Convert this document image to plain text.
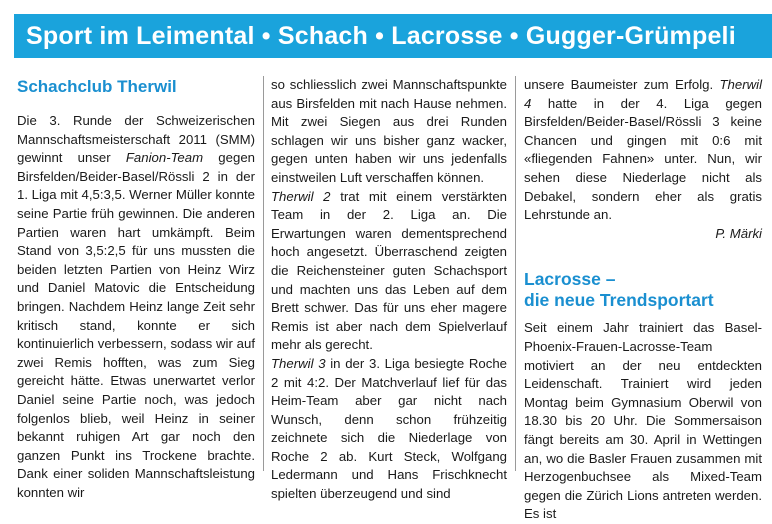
Sport im Leimental • Schach • Lacrosse • Gugger-Grümpeli
Schachclub Therwil

Die 3. Runde der Schweizerischen Mannschaftsmeisterschaft 2011 (SMM) gewinnt unser Fanion-Team gegen Birsfelden/Beider-Basel/Rössli 2 in der 1. Liga mit 4,5:3,5. Werner Müller konnte seine Partie früh gewinnen. Die anderen Partien waren hart umkämpft. Beim Stand von 3,5:2,5 für uns mussten die beiden letzten Partien von Heinz Wirz und Daniel Matovic die Entscheidung bringen. Nachdem Heinz lange Zeit sehr kritisch stand, konnte er sich kontinuierlich verbessern, sodass wir auf zwei Remis hofften, was zum Sieg gereicht hätte. Etwas unerwartet verlor Daniel seine Partie noch, was jedoch folgenlos blieb, weil Heinz in seiner bekannt ruhigen Art gar noch den ganzen Punkt ins Trockene brachte. Dank einer soliden Mannschaftsleistung konnten wir

so schliesslich zwei Mannschaftspunkte aus Birsfelden mit nach Hause nehmen. Mit zwei Siegen aus drei Runden schlagen wir uns bisher ganz wacker, gegen unten haben wir uns jedenfalls einstweilen Luft verschaffen können.

Therwil 2 trat mit einem verstärkten Team in der 2. Liga an. Die Erwartungen waren dementsprechend hoch angesetzt. Überraschend zeigten die Reichensteiner guten Schachsport und machten uns das Leben auf dem Brett schwer. Das für uns eher magere Remis ist aber nach dem Spielverlauf mehr als gerecht.

Therwil 3 in der 3. Liga besiegte Roche 2 mit 4:2. Der Matchverlauf lief für das Heim-Team aber gar nicht nach Wunsch, denn schon frühzeitig zeichnete sich die Niederlage von Roche 2 ab. Kurt Steck, Wolfgang Ledermann und Hans Frischknecht spielten überzeugend und sind

unsere Baumeister zum Erfolg. Therwil 4 hatte in der 4. Liga gegen Birsfelden/Beider-Basel/Rössli 3 keine Chancen und gingen mit 0:6 mit «fliegenden Fahnen» unter. Nun, wir sehen diese Niederlage nicht als Debakel, sondern eher als gratis Lehrstunde an.

P. Märki

Lacrosse –
die neue Trendsportart

Seit einem Jahr trainiert das Basel-Phoenix-Frauen-Lacrosse-Team motiviert an der neu entdeckten Leidenschaft. Trainiert wird jeden Montag beim Gymnasium Oberwil von 18.30 bis 20 Uhr. Die Sommersaison fängt bereits am 30. April in Wettingen an, wo die Basler Frauen zusammen mit Herzogenbuchsee als Mixed-Team gegen die Zürich Lions antreten werden. Es ist
